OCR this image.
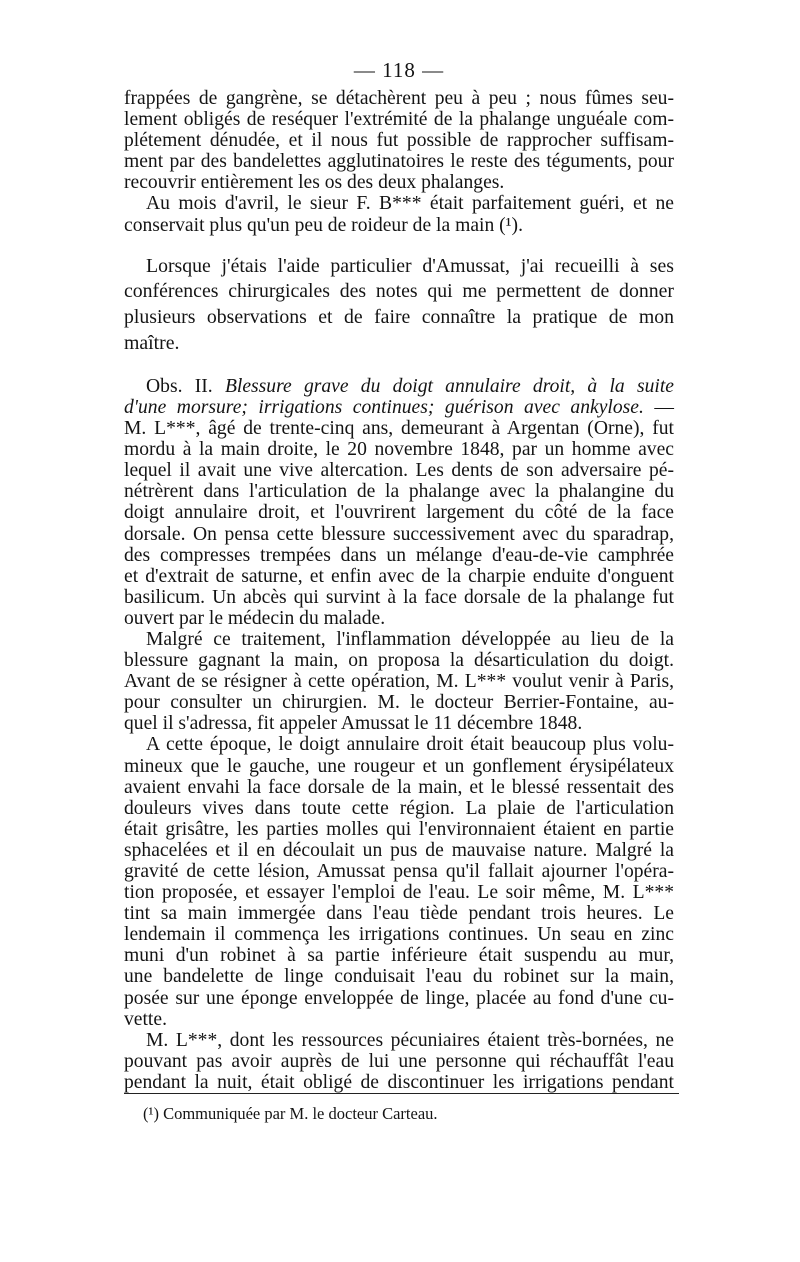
— 118 —
frappées de gangrène, se détachèrent peu à peu ; nous fûmes seu-
lement obligés de reséquer l'extrémité de la phalange unguéale com-
plétement dénudée, et il nous fut possible de rapprocher suffisam-
ment par des bandelettes agglutinatoires le reste des téguments, pour
recouvrir entièrement les os des deux phalanges.
Au mois d'avril, le sieur F. B*** était parfaitement guéri, et ne
conservait plus qu'un peu de roideur de la main (¹).
Lorsque j'étais l'aide particulier d'Amussat, j'ai recueilli à ses
conférences chirurgicales des notes qui me permettent de donner
plusieurs observations et de faire connaître la pratique de mon
maître.
Obs. II. Blessure grave du doigt annulaire droit, à la suite
d'une morsure; irrigations continues; guérison avec ankylose. —
M. L***, âgé de trente-cinq ans, demeurant à Argentan (Orne), fut
mordu à la main droite, le 20 novembre 1848, par un homme avec
lequel il avait une vive altercation. Les dents de son adversaire pé-
nétrèrent dans l'articulation de la phalange avec la phalangine du
doigt annulaire droit, et l'ouvrirent largement du côté de la face
dorsale. On pensa cette blessure successivement avec du sparadrap,
des compresses trempées dans un mélange d'eau-de-vie camphrée
et d'extrait de saturne, et enfin avec de la charpie enduite d'onguent
basilicum. Un abcès qui survint à la face dorsale de la phalange fut
ouvert par le médecin du malade.
Malgré ce traitement, l'inflammation développée au lieu de la
blessure gagnant la main, on proposa la désarticulation du doigt.
Avant de se résigner à cette opération, M. L*** voulut venir à Paris,
pour consulter un chirurgien. M. le docteur Berrier-Fontaine, au-
quel il s'adressa, fit appeler Amussat le 11 décembre 1848.
A cette époque, le doigt annulaire droit était beaucoup plus volu-
mineux que le gauche, une rougeur et un gonflement érysipélateux
avaient envahi la face dorsale de la main, et le blessé ressentait des
douleurs vives dans toute cette région. La plaie de l'articulation
était grisâtre, les parties molles qui l'environnaient étaient en partie
sphacelées et il en découlait un pus de mauvaise nature. Malgré la
gravité de cette lésion, Amussat pensa qu'il fallait ajourner l'opéra-
tion proposée, et essayer l'emploi de l'eau. Le soir même, M. L***
tint sa main immergée dans l'eau tiède pendant trois heures. Le
lendemain il commença les irrigations continues. Un seau en zinc
muni d'un robinet à sa partie inférieure était suspendu au mur,
une bandelette de linge conduisait l'eau du robinet sur la main,
posée sur une éponge enveloppée de linge, placée au fond d'une cu-
vette.
M. L***, dont les ressources pécuniaires étaient très-bornées, ne
pouvant pas avoir auprès de lui une personne qui réchauffât l'eau
pendant la nuit, était obligé de discontinuer les irrigations pendant
(¹) Communiquée par M. le docteur Carteau.
